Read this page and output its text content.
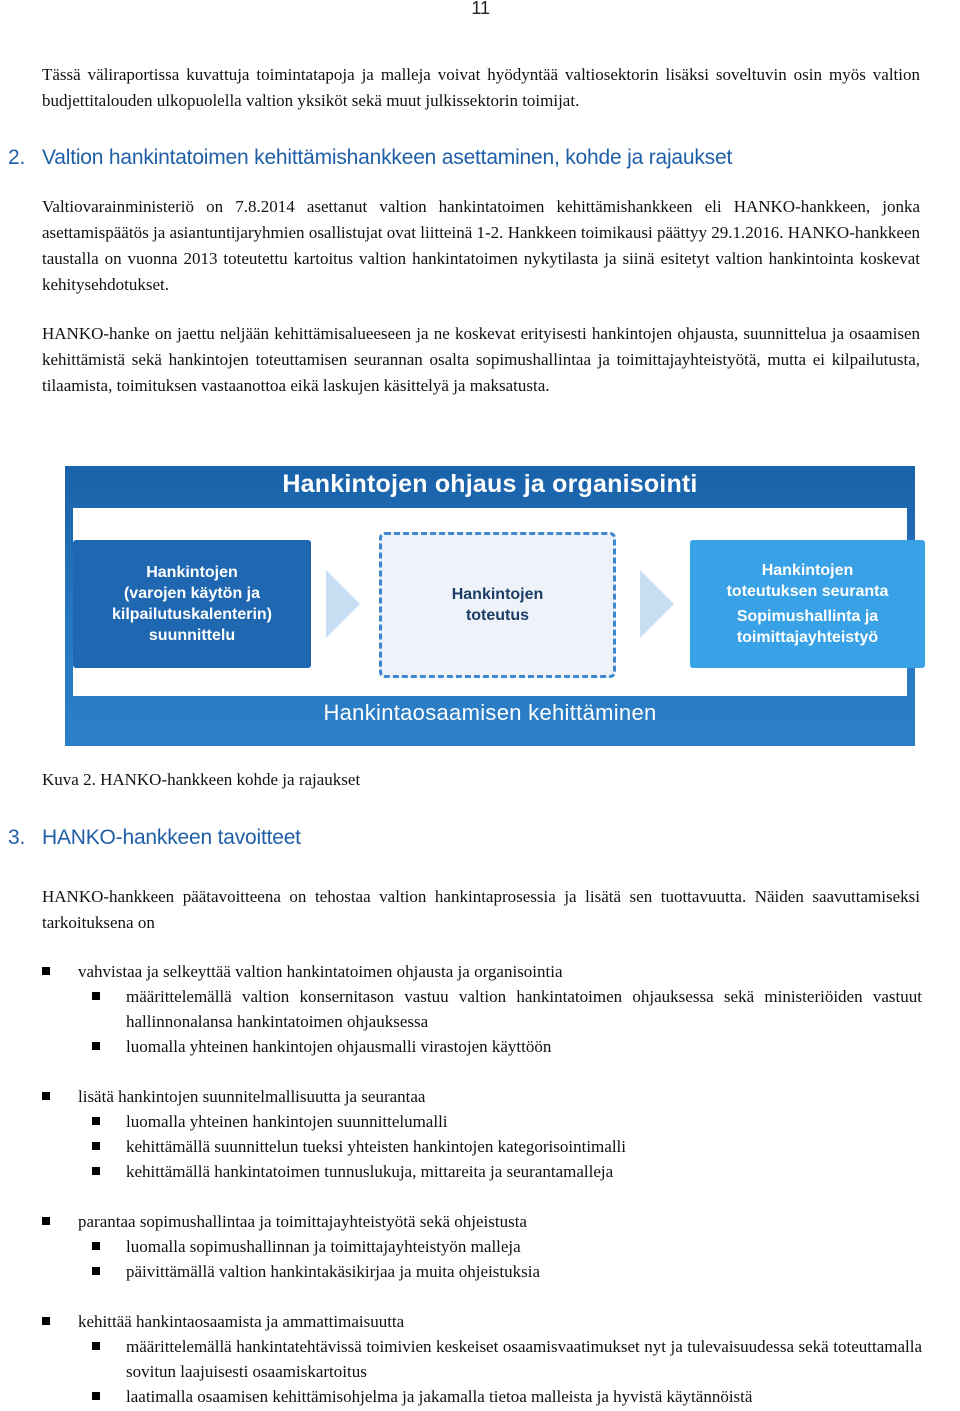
11

Tässä väliraportissa kuvattuja toimintatapoja ja malleja voivat hyödyntää valtiosektorin lisäksi soveltuvin osin myös valtion budjettitalouden ulkopuolella valtion yksiköt sekä muut julkissektorin toimijat.

2. Valtion hankintatoimen kehittämishankkeen asettaminen, kohde ja rajaukset

Valtiovarainministeriö on 7.8.2014 asettanut valtion hankintatoimen kehittämishankkeen eli HANKO-hankkeen, jonka asettamispäätös ja asiantuntijaryhmien osallistujat ovat liitteinä 1-2. Hankkeen toimikausi päättyy 29.1.2016. HANKO-hankkeen taustalla on vuonna 2013 toteutettu kartoitus valtion hankintatoimen nykytilasta ja siinä esitetyt valtion hankintointa koskevat kehitysehdotukset.

HANKO-hanke on jaettu neljään kehittämisalueeseen ja ne koskevat erityisesti hankintojen ohjausta, suunnittelua ja osaamisen kehittämistä sekä hankintojen toteuttamisen seurannan osalta sopimushallintaa ja toimittajayhteistyötä, mutta ei kilpailutusta, tilaamista, toimituksen vastaanottoa eikä laskujen käsittelyä ja maksatusta.

Hankintojen ohjaus ja organisointi
Hankintojen
(varojen käytön ja
kilpailutuskalenterin)
suunnittelu
Hankintojen
toteutus
Hankintojen
toteutuksen seuranta
Sopimushallinta ja
toimittajayhteistyö
Hankintaosaamisen kehittäminen

Kuva 2. HANKO-hankkeen kohde ja rajaukset

3. HANKO-hankkeen tavoitteet

HANKO-hankkeen päätavoitteena on tehostaa valtion hankintaprosessia ja lisätä sen tuottavuutta. Näiden saavuttamiseksi tarkoituksena on

vahvistaa ja selkeyttää valtion hankintatoimen ohjausta ja organisointia
määrittelemällä valtion konsernitason vastuu valtion hankintatoimen ohjauksessa sekä ministeriöiden vastuut hallinnonalansa hankintatoimen ohjauksessa
luomalla yhteinen hankintojen ohjausmalli virastojen käyttöön
lisätä hankintojen suunnitelmallisuutta ja seurantaa
luomalla yhteinen hankintojen suunnittelumalli
kehittämällä suunnittelun tueksi yhteisten hankintojen kategorisointimalli
kehittämällä hankintatoimen tunnuslukuja, mittareita ja seurantamalleja
parantaa sopimushallintaa ja toimittajayhteistyötä sekä ohjeistusta
luomalla sopimushallinnan ja toimittajayhteistyön malleja
päivittämällä valtion hankintakäsikirjaa ja muita ohjeistuksia
kehittää hankintaosaamista ja ammattimaisuutta
määrittelemällä hankintatehtävissä toimivien keskeiset osaamisvaatimukset nyt ja tulevaisuudessa sekä toteuttamalla sovitun laajuisesti osaamiskartoitus
laatimalla osaamisen kehittämisohjelma ja jakamalla tietoa malleista ja hyvistä käytännöistä
